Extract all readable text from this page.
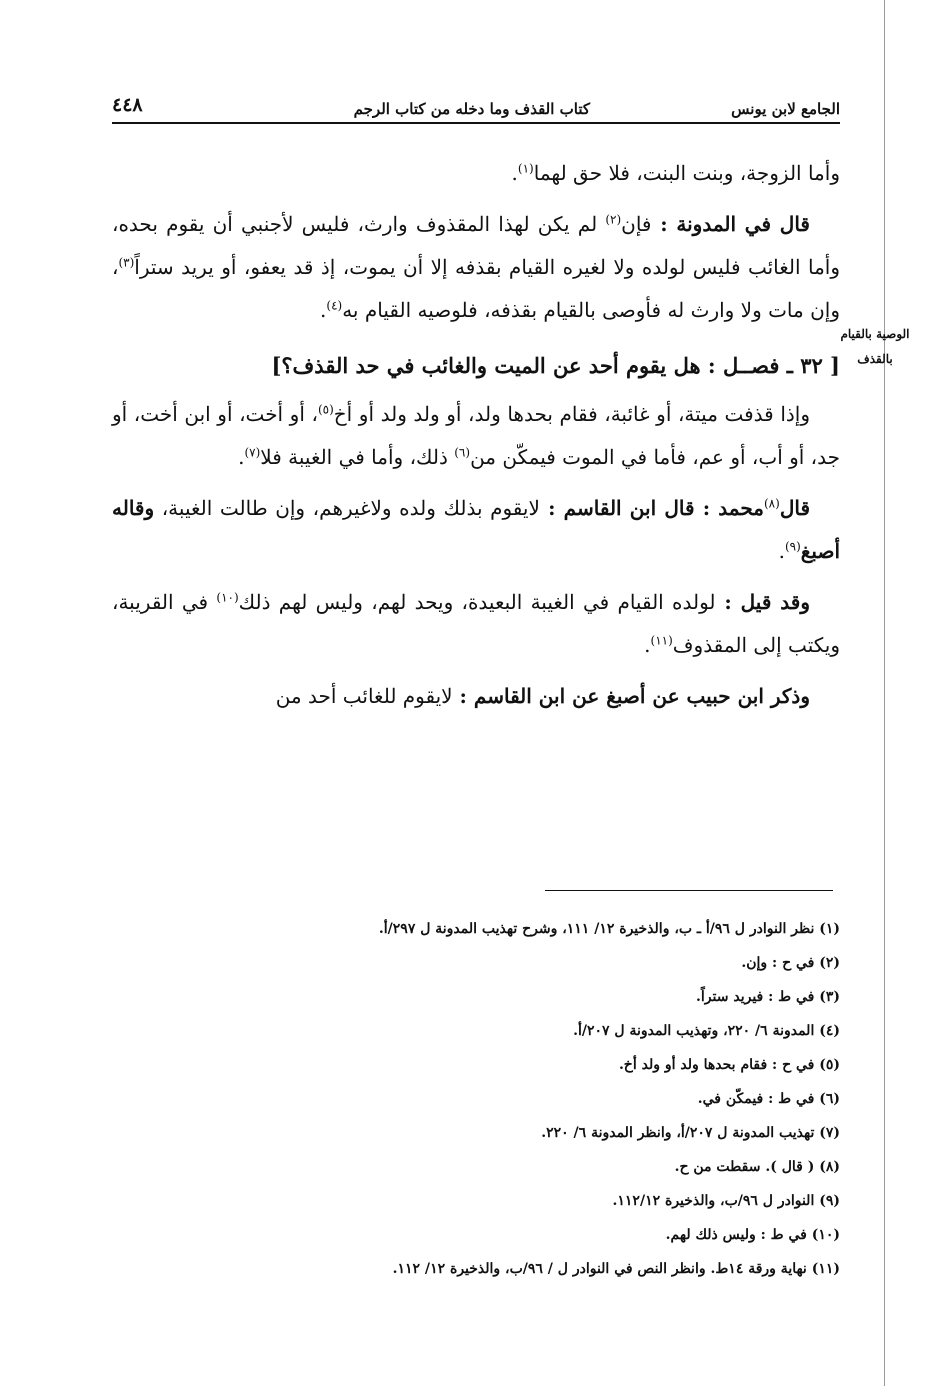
الجامع لابن يونس
كتاب القذف وما دخله من كتاب الرجم
٤٤٨
الوصية بالقيام بالقذف

وأما الزوجة، وبنت البنت، فلا حق لهما$^{(١)}$.

قال في المدونة : فإن$^{(٢)}$ لم يكن لهذا المقذوف وارث، فليس لأجنبي أن يقوم بحده، وأما الغائب فليس لولده ولا لغيره القيام بقذفه إلا أن يموت، إذ قد يعفو، أو يريد ستراً$^{(٣)}$، وإن مات ولا وارث له فأوصى بالقيام بقذفه، فلوصيه القيام به$^{(٤)}$.

[ ٣٢ ـ فصــل : هل يقوم أحد عن الميت والغائب في حد القذف؟]

وإذا قذفت ميتة، أو غائبة، فقام بحدها ولد، أو ولد ولد أو أخ$^{(٥)}$، أو أخت، أو ابن أخت، أو جد، أو أب، أو عم، فأما في الموت فيمكّن من$^{(٦)}$ ذلك، وأما في الغيبة فلا$^{(٧)}$.

قال$^{(٨)}$محمد : قال ابن القاسم : لايقوم بذلك ولده ولاغيرهم، وإن طالت الغيبة، وقاله أصبغ$^{(٩)}$.

وقد قيل : لولده القيام في الغيبة البعيدة، ويحد لهم، وليس لهم ذلك$^{(١٠)}$ في القريبة، ويكتب إلى المقذوف$^{(١١)}$.

وذكر ابن حبيب عن أصبغ عن ابن القاسم : لايقوم للغائب أحد من

(١) نظر النوادر ل ٩٦/أ ـ ب، والذخيرة ١٢/ ١١١، وشرح تهذيب المدونة ل ٢٩٧/أ.
(٢) في ح : وإن.
(٣) في ط : فيريد ستراً.
(٤) المدونة ٦/ ٢٢٠، وتهذيب المدونة ل ٢٠٧/أ.
(٥) في ح : فقام بحدها ولد أو ولد أخ.
(٦) في ط : فيمكّن في.
(٧) تهذيب المدونة ل ٢٠٧/أ، وانظر المدونة ٦/ ٢٢٠.
(٨) ( قال ). سقطت من ح.
(٩) النوادر ل ٩٦/ب، والذخيرة ١١٢/١٢.
(١٠) في ط : وليس ذلك لهم.
(١١) نهاية ورقة ١٤ط. وانظر النص في النوادر ل / ٩٦/ب، والذخيرة ١٢/ ١١٢.
